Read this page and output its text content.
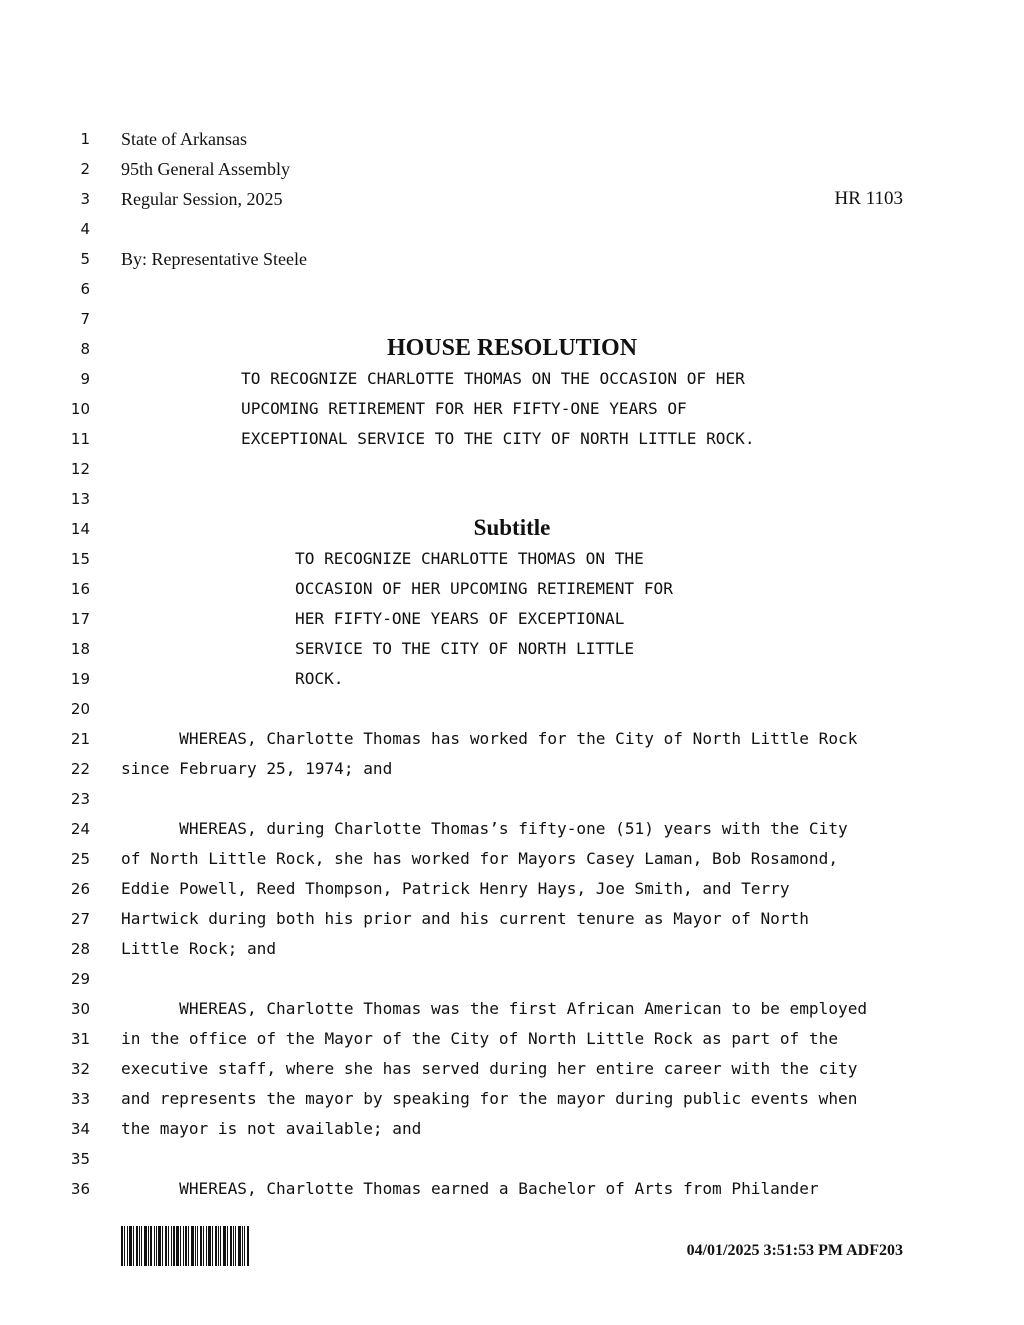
1
2
3
4
5
6
7
8
9
10
11
12
13
14
15
16
17
18
19
20
21
22
23
24
25
26
27
28
29
30
31
32
33
34
35
36
State of Arkansas
95th General Assembly
Regular Session, 2025	HR 1103
By: Representative Steele
HOUSE RESOLUTION
TO RECOGNIZE CHARLOTTE THOMAS ON THE OCCASION OF HER
UPCOMING RETIREMENT FOR HER FIFTY-ONE YEARS OF
EXCEPTIONAL SERVICE TO THE CITY OF NORTH LITTLE ROCK.
Subtitle
TO RECOGNIZE CHARLOTTE THOMAS ON THE
OCCASION OF HER UPCOMING RETIREMENT FOR
HER FIFTY-ONE YEARS OF EXCEPTIONAL
SERVICE TO THE CITY OF NORTH LITTLE
ROCK.
WHEREAS, Charlotte Thomas has worked for the City of North Little Rock
since February 25, 1974; and
WHEREAS, during Charlotte Thomas’s fifty-one (51) years with the City
of North Little Rock, she has worked for Mayors Casey Laman, Bob Rosamond,
Eddie Powell, Reed Thompson, Patrick Henry Hays, Joe Smith, and Terry
Hartwick during both his prior and his current tenure as Mayor of North
Little Rock; and
WHEREAS, Charlotte Thomas was the first African American to be employed
in the office of the Mayor of the City of North Little Rock as part of the
executive staff, where she has served during her entire career with the city
and represents the mayor by speaking for the mayor during public events when
the mayor is not available; and
WHEREAS, Charlotte Thomas earned a Bachelor of Arts from Philander
04/01/2025 3:51:53 PM ADF203
